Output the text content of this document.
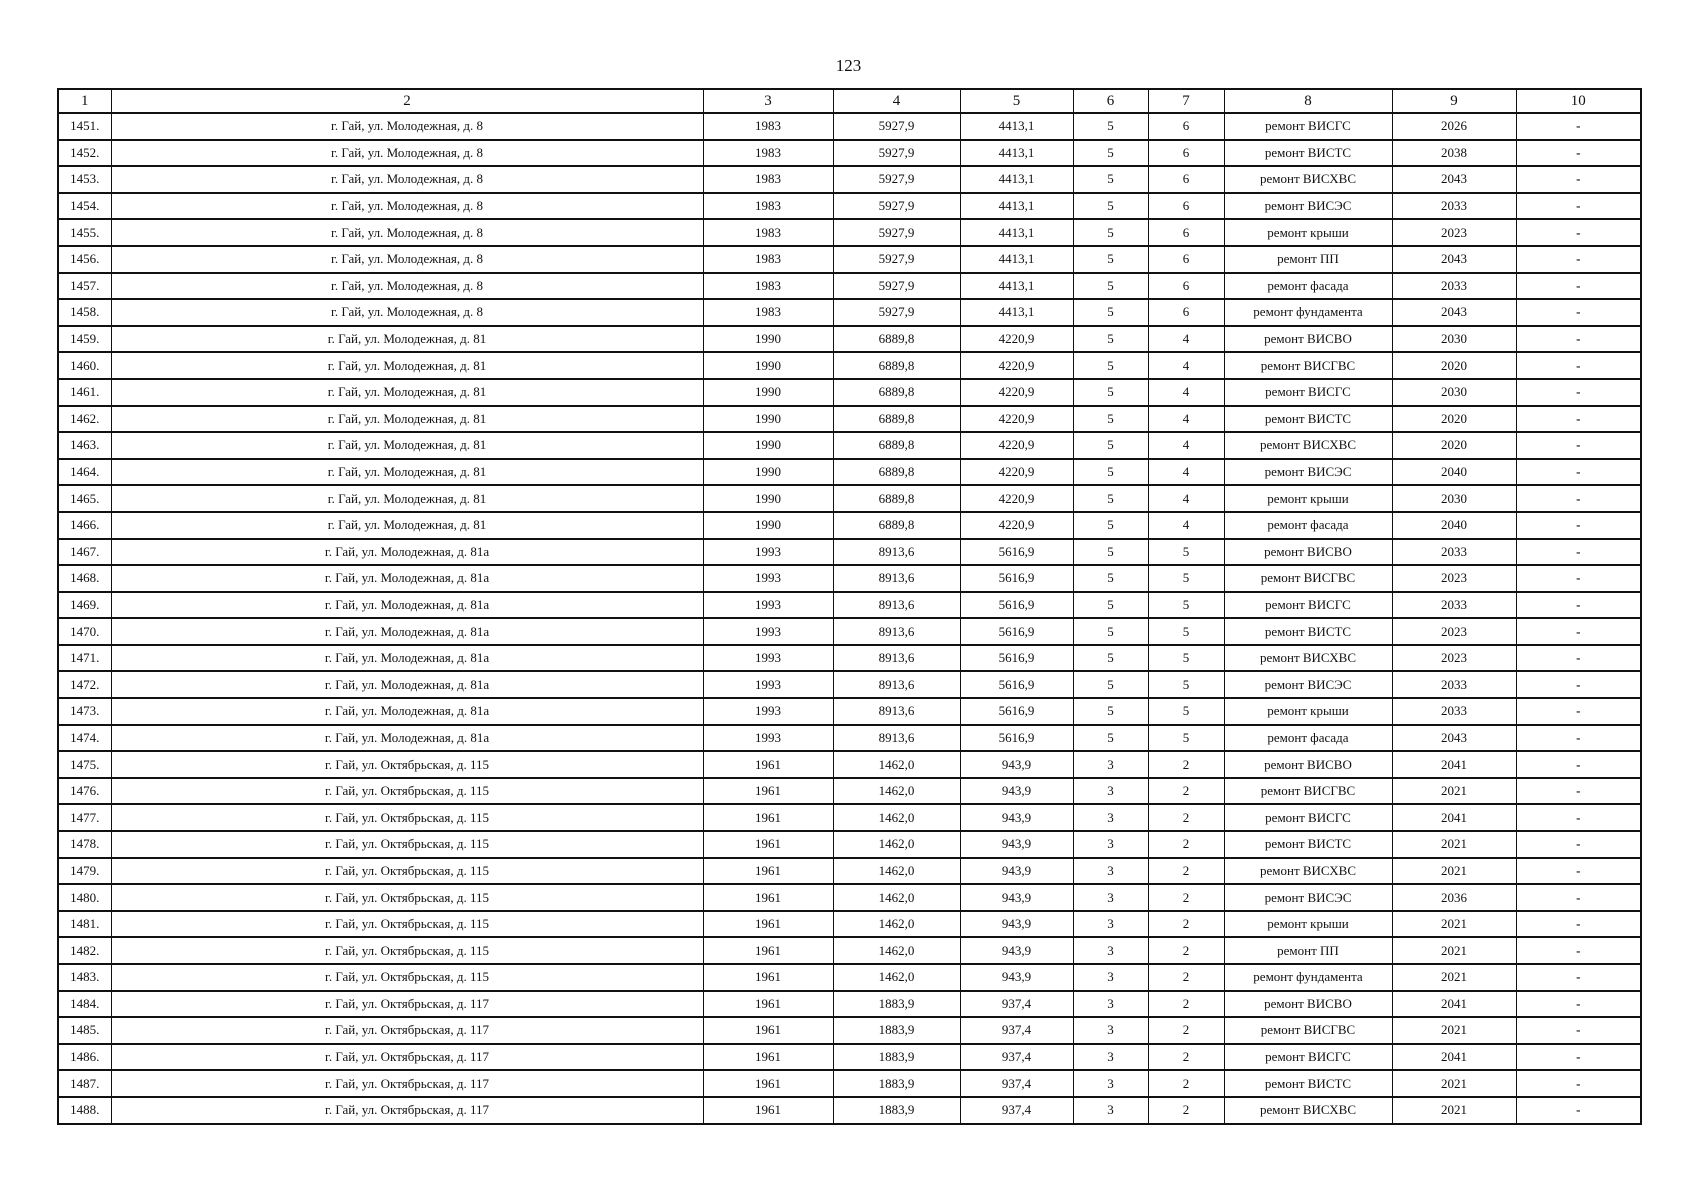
123
1	2	3	4	5	6	7	8	9	10
1451.	г. Гай, ул. Молодежная, д. 8	1983	5927,9	4413,1	5	6	ремонт ВИСГС	2026	-
1452.	г. Гай, ул. Молодежная, д. 8	1983	5927,9	4413,1	5	6	ремонт ВИСТС	2038	-
1453.	г. Гай, ул. Молодежная, д. 8	1983	5927,9	4413,1	5	6	ремонт ВИСХВС	2043	-
1454.	г. Гай, ул. Молодежная, д. 8	1983	5927,9	4413,1	5	6	ремонт ВИСЭС	2033	-
1455.	г. Гай, ул. Молодежная, д. 8	1983	5927,9	4413,1	5	6	ремонт крыши	2023	-
1456.	г. Гай, ул. Молодежная, д. 8	1983	5927,9	4413,1	5	6	ремонт ПП	2043	-
1457.	г. Гай, ул. Молодежная, д. 8	1983	5927,9	4413,1	5	6	ремонт фасада	2033	-
1458.	г. Гай, ул. Молодежная, д. 8	1983	5927,9	4413,1	5	6	ремонт фундамента	2043	-
1459.	г. Гай, ул. Молодежная, д. 81	1990	6889,8	4220,9	5	4	ремонт ВИСВО	2030	-
1460.	г. Гай, ул. Молодежная, д. 81	1990	6889,8	4220,9	5	4	ремонт ВИСГВС	2020	-
1461.	г. Гай, ул. Молодежная, д. 81	1990	6889,8	4220,9	5	4	ремонт ВИСГС	2030	-
1462.	г. Гай, ул. Молодежная, д. 81	1990	6889,8	4220,9	5	4	ремонт ВИСТС	2020	-
1463.	г. Гай, ул. Молодежная, д. 81	1990	6889,8	4220,9	5	4	ремонт ВИСХВС	2020	-
1464.	г. Гай, ул. Молодежная, д. 81	1990	6889,8	4220,9	5	4	ремонт ВИСЭС	2040	-
1465.	г. Гай, ул. Молодежная, д. 81	1990	6889,8	4220,9	5	4	ремонт крыши	2030	-
1466.	г. Гай, ул. Молодежная, д. 81	1990	6889,8	4220,9	5	4	ремонт фасада	2040	-
1467.	г. Гай, ул. Молодежная, д. 81а	1993	8913,6	5616,9	5	5	ремонт ВИСВО	2033	-
1468.	г. Гай, ул. Молодежная, д. 81а	1993	8913,6	5616,9	5	5	ремонт ВИСГВС	2023	-
1469.	г. Гай, ул. Молодежная, д. 81а	1993	8913,6	5616,9	5	5	ремонт ВИСГС	2033	-
1470.	г. Гай, ул. Молодежная, д. 81а	1993	8913,6	5616,9	5	5	ремонт ВИСТС	2023	-
1471.	г. Гай, ул. Молодежная, д. 81а	1993	8913,6	5616,9	5	5	ремонт ВИСХВС	2023	-
1472.	г. Гай, ул. Молодежная, д. 81а	1993	8913,6	5616,9	5	5	ремонт ВИСЭС	2033	-
1473.	г. Гай, ул. Молодежная, д. 81а	1993	8913,6	5616,9	5	5	ремонт крыши	2033	-
1474.	г. Гай, ул. Молодежная, д. 81а	1993	8913,6	5616,9	5	5	ремонт фасада	2043	-
1475.	г. Гай, ул. Октябрьская, д. 115	1961	1462,0	943,9	3	2	ремонт ВИСВО	2041	-
1476.	г. Гай, ул. Октябрьская, д. 115	1961	1462,0	943,9	3	2	ремонт ВИСГВС	2021	-
1477.	г. Гай, ул. Октябрьская, д. 115	1961	1462,0	943,9	3	2	ремонт ВИСГС	2041	-
1478.	г. Гай, ул. Октябрьская, д. 115	1961	1462,0	943,9	3	2	ремонт ВИСТС	2021	-
1479.	г. Гай, ул. Октябрьская, д. 115	1961	1462,0	943,9	3	2	ремонт ВИСХВС	2021	-
1480.	г. Гай, ул. Октябрьская, д. 115	1961	1462,0	943,9	3	2	ремонт ВИСЭС	2036	-
1481.	г. Гай, ул. Октябрьская, д. 115	1961	1462,0	943,9	3	2	ремонт крыши	2021	-
1482.	г. Гай, ул. Октябрьская, д. 115	1961	1462,0	943,9	3	2	ремонт ПП	2021	-
1483.	г. Гай, ул. Октябрьская, д. 115	1961	1462,0	943,9	3	2	ремонт фундамента	2021	-
1484.	г. Гай, ул. Октябрьская, д. 117	1961	1883,9	937,4	3	2	ремонт ВИСВО	2041	-
1485.	г. Гай, ул. Октябрьская, д. 117	1961	1883,9	937,4	3	2	ремонт ВИСГВС	2021	-
1486.	г. Гай, ул. Октябрьская, д. 117	1961	1883,9	937,4	3	2	ремонт ВИСГС	2041	-
1487.	г. Гай, ул. Октябрьская, д. 117	1961	1883,9	937,4	3	2	ремонт ВИСТС	2021	-
1488.	г. Гай, ул. Октябрьская, д. 117	1961	1883,9	937,4	3	2	ремонт ВИСХВС	2021	-
